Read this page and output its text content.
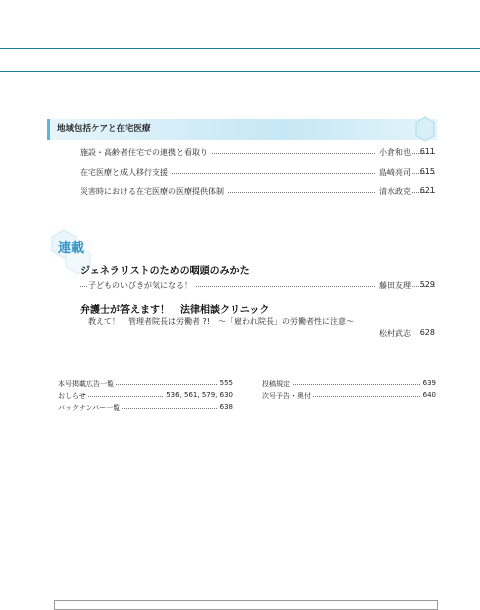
地域包括ケアと在宅医療
施設・高齢者住宅での連携と看取り	小倉和也 611
在宅医療と成人移行支援	島崎亮司 615
災害時における在宅医療の医療提供体制	清水政克 621
連載
ジェネラリストのための咽頭のみかた
子どものいびきが気になる！	藤田友理 529
弁護士が答えます！　法律相談クリニック
教えて！　管理者院長は労働者 ?!　〜「雇われ院長」の労働者性に注意〜
松村武志 628
本号掲載広告一覧	555
おしらせ	536, 561, 579, 630
バックナンバー一覧	638
投稿規定	639
次号予告・奥付	640
